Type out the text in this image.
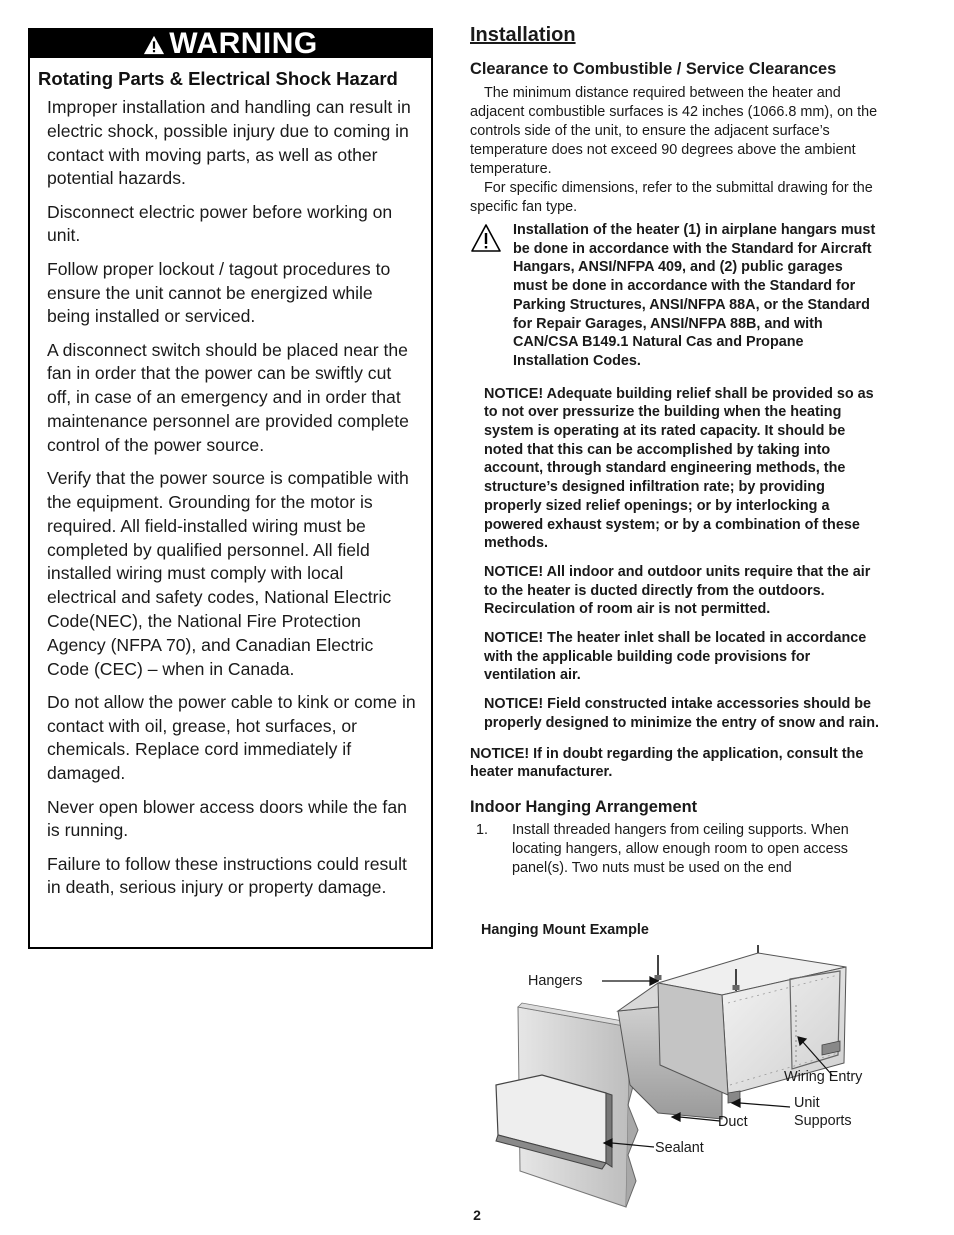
WARNING
Rotating Parts & Electrical Shock Hazard

Improper installation and handling can result in electric shock, possible injury due to coming in contact with moving parts, as well as other potential hazards.

Disconnect electric power before working on unit.

Follow proper lockout / tagout procedures to ensure the unit cannot be energized while being installed or serviced.

A disconnect switch should be placed near the fan in order that the power can be swiftly cut off, in case of an emergency and in order that maintenance personnel are provided complete control of the power source.

Verify that the power source is compatible with the equipment. Grounding for the motor is required. All field-installed wiring must be completed by qualified personnel. All field installed wiring must comply with local electrical and safety codes, National Electric Code(NEC), the National Fire Protection Agency (NFPA 70), and Canadian Electric Code (CEC) – when in Canada.

Do not allow the power cable to kink or come in contact with oil, grease, hot surfaces, or chemicals. Replace cord immediately if damaged.

Never open blower access doors while the fan is running.

Failure to follow these instructions could result in death, serious injury or property damage.

Installation
Clearance to Combustible / Service Clearances

The minimum distance required between the heater and adjacent combustible surfaces is 42 inches (1066.8 mm), on the controls side of the unit, to ensure the adjacent surface’s temperature does not exceed 90 degrees above the ambient temperature.

For specific dimensions, refer to the submittal drawing for the specific fan type.

Installation of the heater (1) in airplane hangars must be done in accordance with the Standard for Aircraft Hangars, ANSI/NFPA 409, and (2) public garages must be done in accordance with the Standard for Parking Structures, ANSI/NFPA 88A, or the Standard for Repair Garages, ANSI/NFPA 88B, and with CAN/CSA B149.1 Natural Cas and Propane Installation Codes.

NOTICE! Adequate building relief shall be provided so as to not over pressurize the building when the heating system is operating at its rated capacity. It should be noted that this can be accomplished by taking into account, through standard engineering methods, the structure’s designed infiltration rate; by providing properly sized relief openings; or by interlocking a powered exhaust system; or by a combination of these methods.

NOTICE! All indoor and outdoor units require that the air to the heater is ducted directly from the outdoors. Recirculation of room air is not permitted.

NOTICE! The heater inlet shall be located in accordance with the applicable building code provisions for ventilation air.

NOTICE! Field constructed intake accessories should be properly designed to minimize the entry of snow and rain.

NOTICE! If in doubt regarding the application, consult the heater manufacturer.

Indoor Hanging Arrangement
1.	Install threaded hangers from ceiling supports. When locating hangers, allow enough room to open access panel(s). Two nuts must be used on the end
Hanging Mount Example
Hangers
Wiring Entry
Unit
Supports
Duct
Sealant
2
